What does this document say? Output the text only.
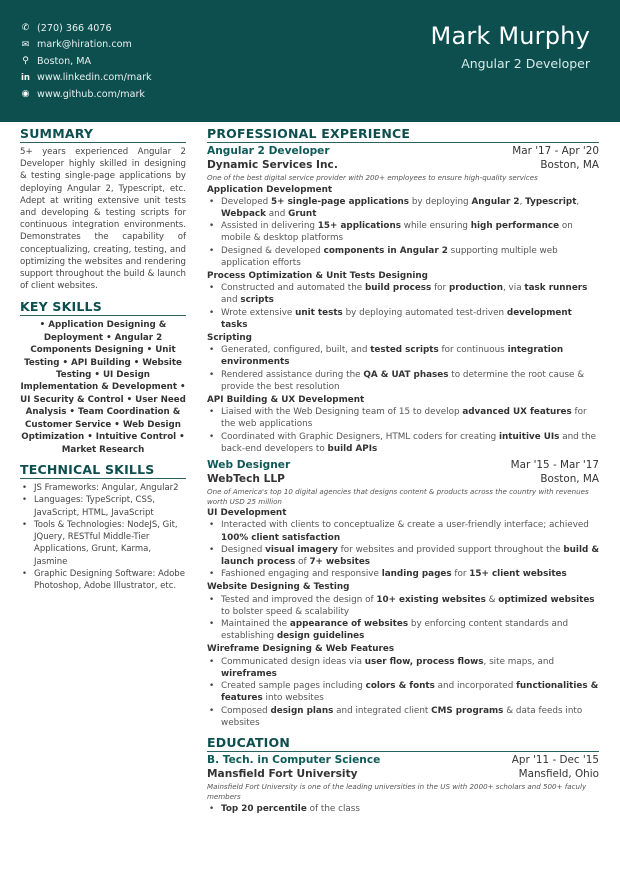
✆ (270) 366 4076
✉ mark@hiration.com
⚲ Boston, MA
in www.linkedin.com/mark
◉ www.github.com/mark
Mark Murphy
Angular 2 Developer
SUMMARY

5+ years experienced Angular 2 Developer highly skilled in designing & testing single-page applications by deploying Angular 2, Typescript, etc. Adept at writing extensive unit tests and developing & testing scripts for continuous integration environments. Demonstrates the capability of conceptualizing, creating, testing, and optimizing the websites and rendering support throughout the build & launch of client websites.

KEY SKILLS

• Application Designing & Deployment • Angular 2 Components Designing • Unit Testing • API Building • Website Testing • UI Design Implementation & Development • UI Security & Control • User Need Analysis • Team Coordination & Customer Service • Web Design Optimization • Intuitive Control • Market Research

TECHNICAL SKILLS
• JS Frameworks: Angular, Angular2
• Languages: TypeScript, CSS, JavaScript, HTML, JavaScript
• Tools & Technologies: NodeJS, Git, JQuery, RESTful Middle-Tier Applications, Grunt, Karma, Jasmine
• Graphic Designing Software: Adobe Photoshop, Adobe Illustrator, etc.
PROFESSIONAL EXPERIENCE
Angular 2 Developer	Mar '17 - Apr '20
Dynamic Services Inc.	Boston, MA
One of the best digital service provider with 200+ employees to ensure high-quality services
Application Development
• Developed 5+ single-page applications by deploying Angular 2, Typescript, Webpack and Grunt
• Assisted in delivering 15+ applications while ensuring high performance on mobile & desktop platforms
• Designed & developed components in Angular 2 supporting multiple web application efforts
Process Optimization & Unit Tests Designing
• Constructed and automated the build process for production, via task runners and scripts
• Wrote extensive unit tests by deploying automated test-driven development tasks
Scripting
• Generated, configured, built, and tested scripts for continuous integration environments
• Rendered assistance during the QA & UAT phases to determine the root cause & provide the best resolution
API Building & UX Development
• Liaised with the Web Designing team of 15 to develop advanced UX features for the web applications
• Coordinated with Graphic Designers, HTML coders for creating intuitive UIs and the back-end developers to build APIs
Web Designer	Mar '15 - Mar '17
WebTech LLP	Boston, MA
One of America's top 10 digital agencies that designs content & products across the country with revenues worth USD 25 million
UI Development
• Interacted with clients to conceptualize & create a user-friendly interface; achieved 100% client satisfaction
• Designed visual imagery for websites and provided support throughout the build & launch process of 7+ websites
• Fashioned engaging and responsive landing pages for 15+ client websites
Website Designing & Testing
• Tested and improved the design of 10+ existing websites & optimized websites to bolster speed & scalability
• Maintained the appearance of websites by enforcing content standards and establishing design guidelines
Wireframe Designing & Web Features
• Communicated design ideas via user flow, process flows, site maps, and wireframes
• Created sample pages including colors & fonts and incorporated functionalities & features into websites
• Composed design plans and integrated client CMS programs & data feeds into websites
EDUCATION
B. Tech. in Computer Science	Apr '11 - Dec '15
Mansfield Fort University	Mansfield, Ohio
Mainsfield Fort University is one of the leading universities in the US with 2000+ scholars and 500+ faculy members
• Top 20 percentile of the class
